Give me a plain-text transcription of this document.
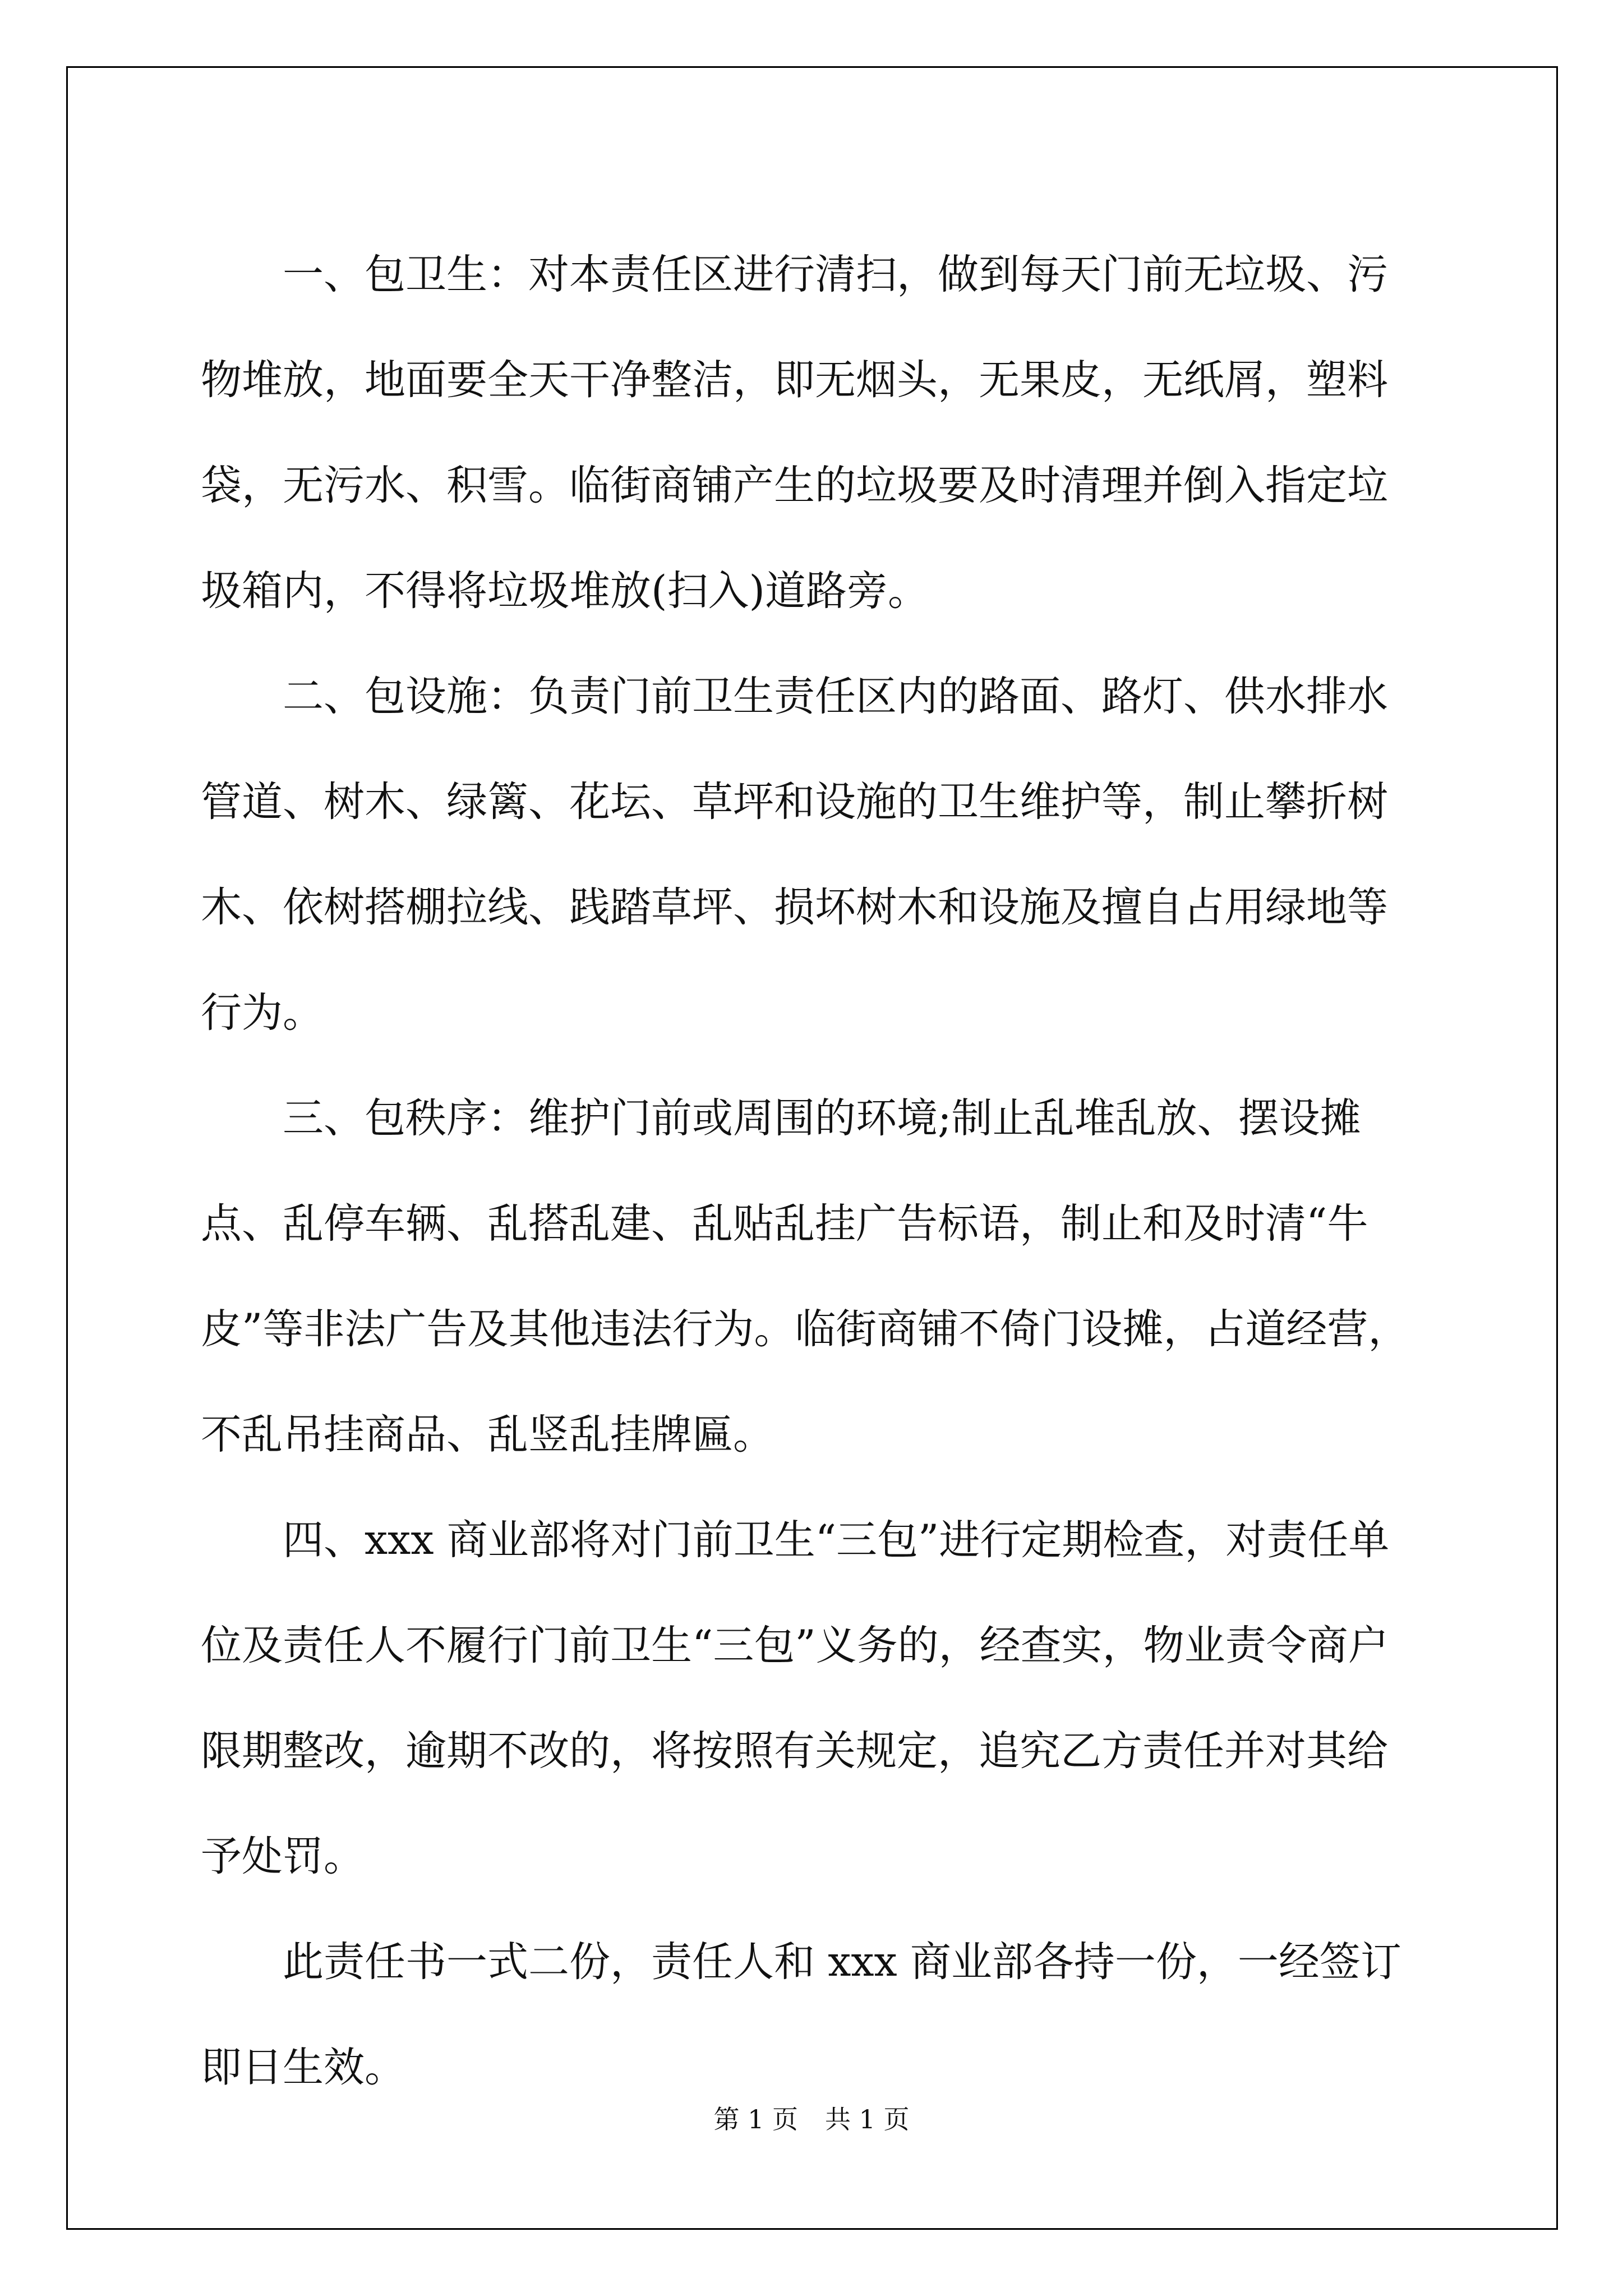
一、包卫生：对本责任区进行清扫，做到每天门前无垃圾、污物堆放，地面要全天干净整洁，即无烟头，无果皮，无纸屑，塑料袋，无污水、积雪。临街商铺产生的垃圾要及时清理并倒入指定垃圾箱内，不得将垃圾堆放(扫入)道路旁。

二、包设施：负责门前卫生责任区内的路面、路灯、供水排水管道、树木、绿篱、花坛、草坪和设施的卫生维护等，制止攀折树木、依树搭棚拉线、践踏草坪、损坏树木和设施及擅自占用绿地等行为。

三、包秩序：维护门前或周围的环境;制止乱堆乱放、摆设摊点、乱停车辆、乱搭乱建、乱贴乱挂广告标语，制止和及时清“牛皮”等非法广告及其他违法行为。临街商铺不倚门设摊，占道经营，不乱吊挂商品、乱竖乱挂牌匾。

四、xxx 商业部将对门前卫生“三包”进行定期检查，对责任单位及责任人不履行门前卫生“三包”义务的，经查实，物业责令商户限期整改，逾期不改的，将按照有关规定，追究乙方责任并对其给予处罚。

此责任书一式二份，责任人和 xxx 商业部各持一份，一经签订即日生效。

第 1 页 共 1 页
